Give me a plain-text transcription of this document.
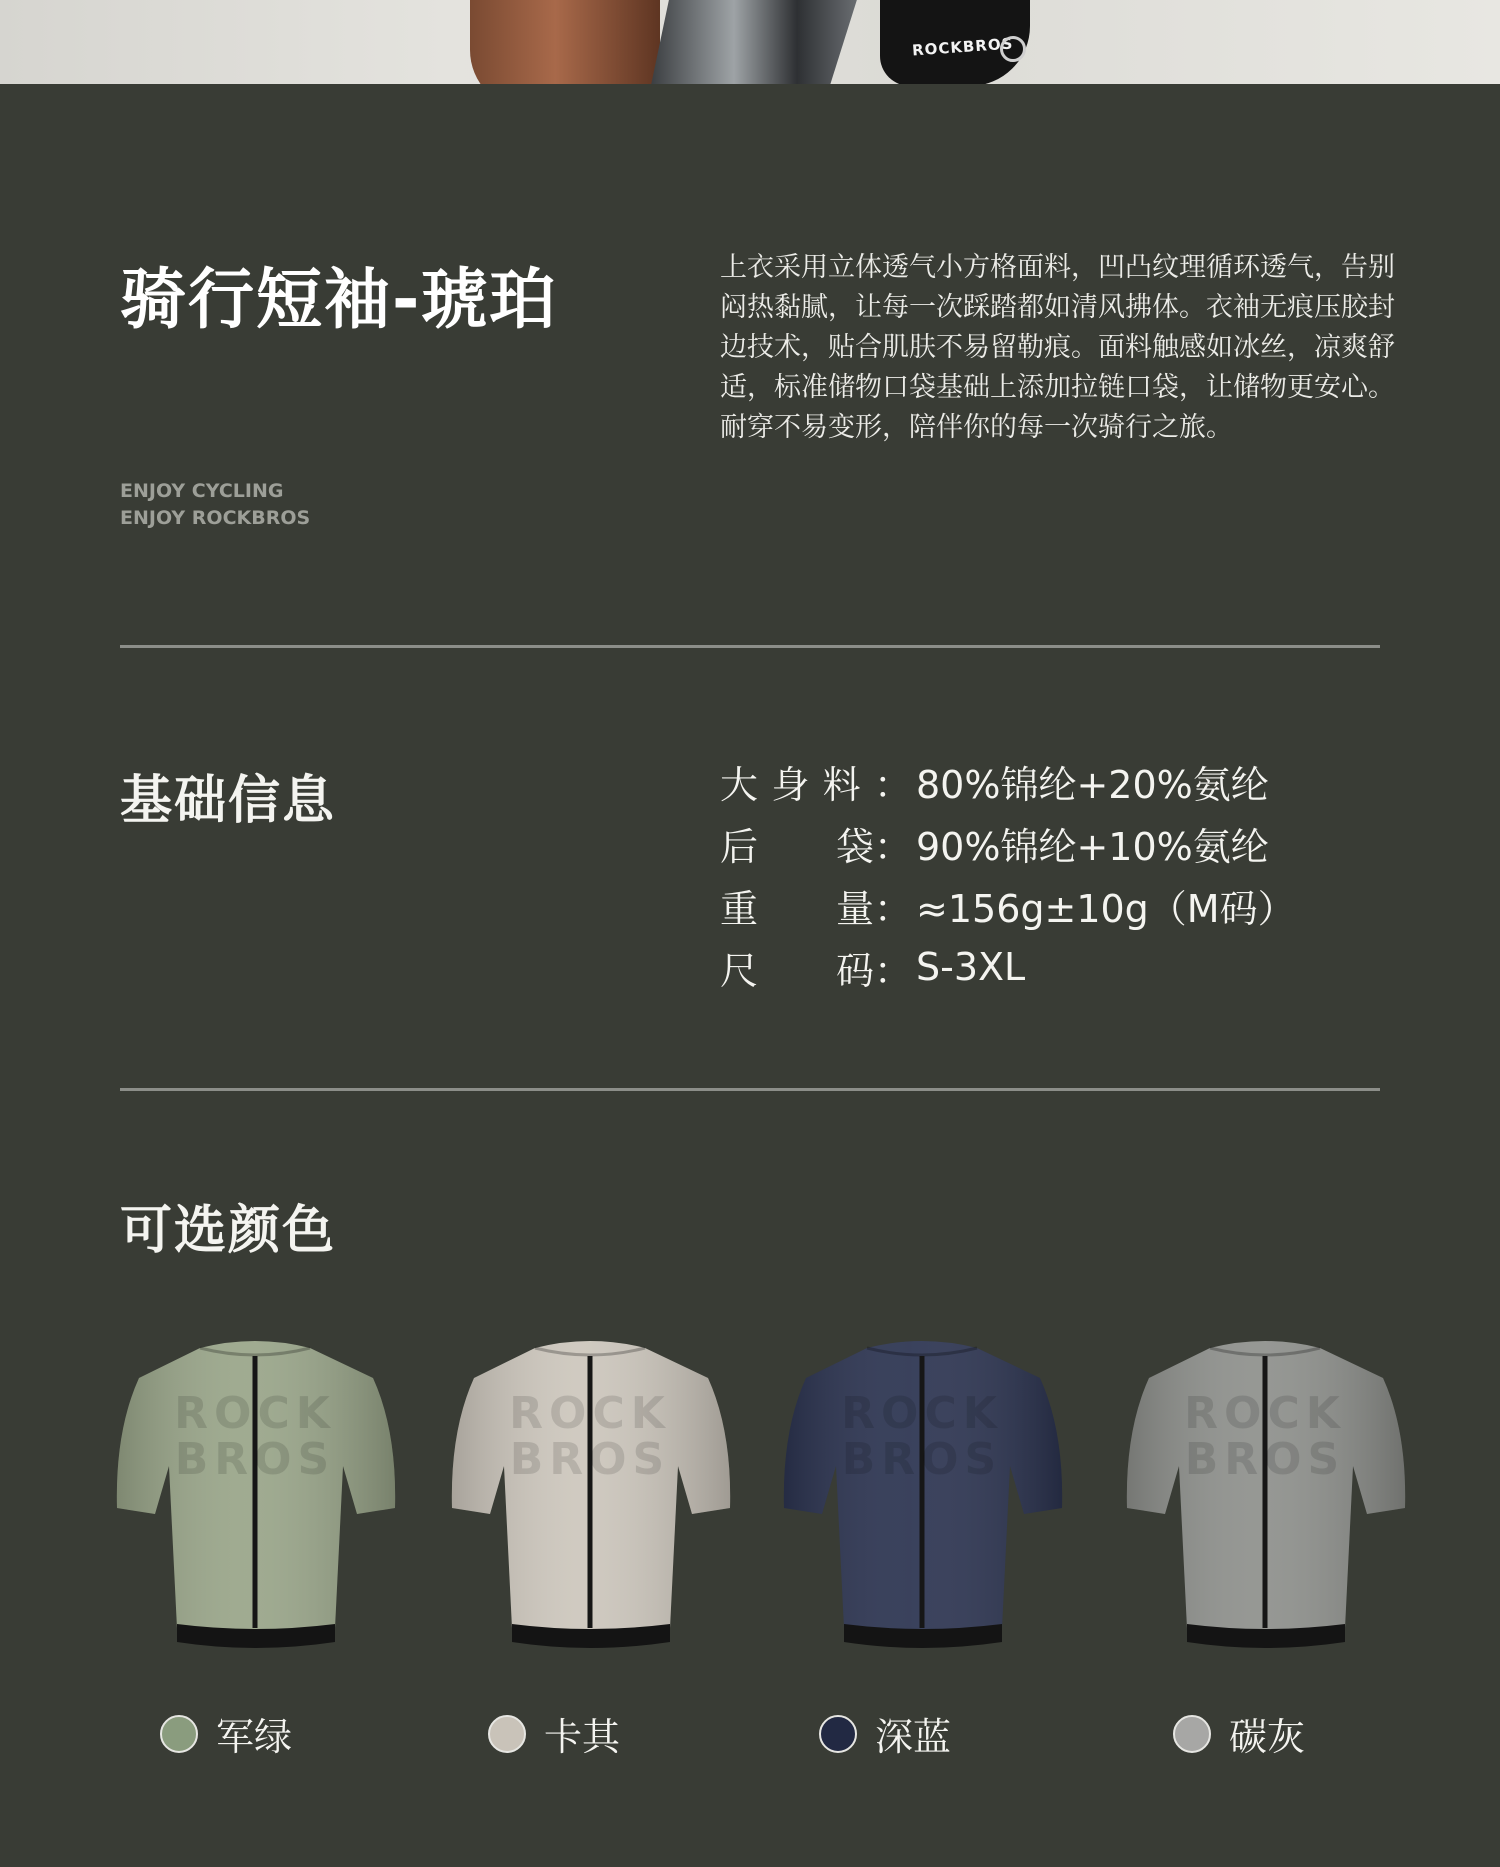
ROCKBROS
骑行短袖-琥珀
ENJOY CYCLING
ENJOY ROCKBROS
上衣采用立体透气小方格面料，凹凸纹理循环透气，告别闷热黏腻，让每一次踩踏都如清风拂体。衣袖无痕压胶封边技术，贴合肌肤不易留勒痕。面料触感如冰丝，凉爽舒适，标准储物口袋基础上添加拉链口袋，让储物更安心。耐穿不易变形，陪伴你的每一次骑行之旅。
基础信息	大 身 料 ： 80%锦纶+20%氨纶
后 袋 ： 90%锦纶+10%氨纶
重 量 ： ≈156g±10g（M码）
尺 码 ： S-3XL
可选颜色
ROCK
BROS
ROCK
BROS
ROCK
BROS
ROCK
BROS
军绿	卡其	深蓝	碳灰
